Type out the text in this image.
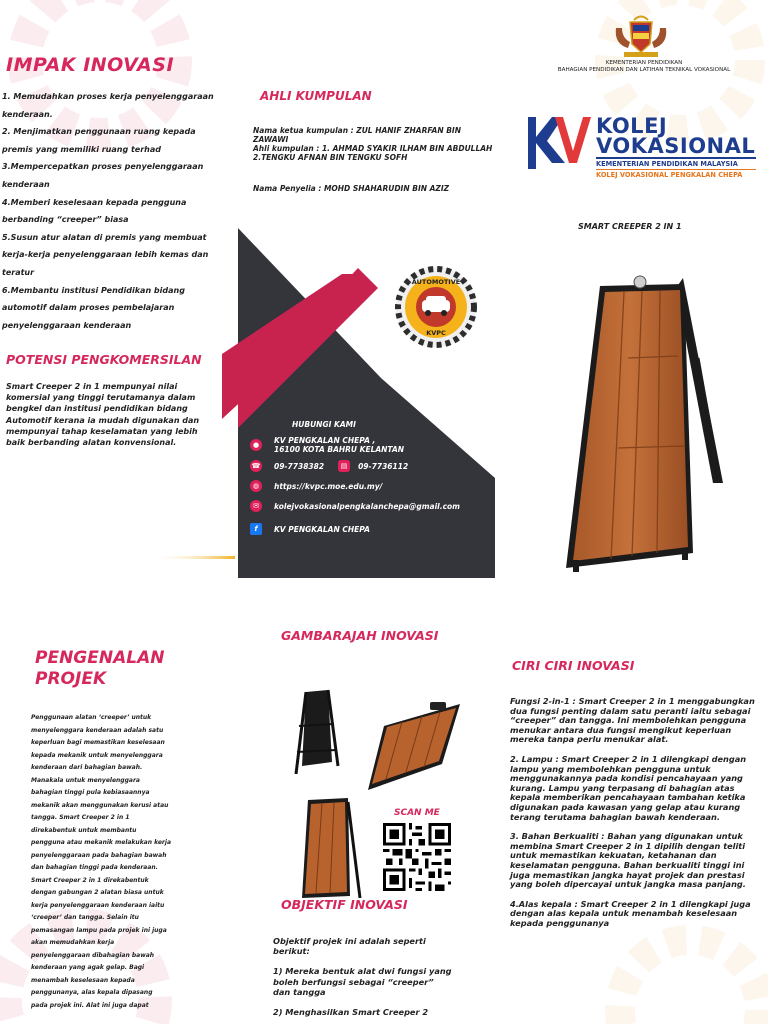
IMPAK INOVASI
1. Memudahkan proses kerja penyelenggaraan kenderaan.
2. Menjimatkan penggunaan ruang kepada premis yang memiliki ruang terhad
3.Mempercepatkan proses penyelenggaraan kenderaan
4.Memberi keselesaan kepada pengguna berbanding “creeper” biasa
5.Susun atur alatan di premis yang membuat kerja-kerja penyelenggaraan lebih kemas dan teratur
6.Membantu institusi Pendidikan bidang automotif dalam proses pembelajaran penyelenggaraan kenderaan
POTENSI PENGKOMERSILAN
Smart Creeper 2 in 1 mempunyai nilai komersial yang tinggi terutamanya dalam bengkel dan institusi pendidikan bidang Automotif kerana ia mudah digunakan dan mempunyai tahap keselamatan yang lebih baik berbanding alatan konvensional.
AHLI KUMPULAN

Nama ketua kumpulan : ZUL HANIF ZHARFAN BIN ZAWAWI

Ahli kumpulan : 1. AHMAD SYAKIR ILHAM BIN ABDULLAH

2.TENGKU AFNAN BIN TENGKU SOFH

Nama Penyelia : MOHD SHAHARUDIN BIN AZIZ
AUTOMOTIVE
KVPC
HUBUNGI KAMI
●	KV PENGKALAN CHEPA ,
16100 KOTA BAHRU KELANTAN
☎ 09-7738382	▤	09-7736112
◍	https://kvpc.moe.edu.my/
✉	kolejvokasionalpengkalanchepa@gmail.com
f	KV PENGKALAN CHEPA
KEMENTERIAN PENDIDIKAN
BAHAGIAN PENDIDIKAN DAN LATIHAN TEKNIKAL VOKASIONAL
KOLEJ
VOKASIONAL
KEMENTERIAN PENDIDIKAN MALAYSIA
KOLEJ VOKASIONAL PENGKALAN CHEPA
SMART CREEPER 2 IN 1
PENGENALAN PROJEK
Penggunaan alatan ‘creeper’ untuk menyelenggara kenderaan adalah satu keperluan bagi memastikan keselesaan kepada mekanik untuk menyelenggara kenderaan dari bahagian bawah. Manakala untuk menyelenggara bahagian tinggi pula kebiasaannya mekanik akan menggunakan kerusi atau tangga. Smart Creeper 2 in 1 direkabentuk untuk membantu pengguna atau mekanik melakukan kerja penyelenggaraan pada bahagian bawah dan bahagian tinggi pada kenderaan. Smart Creeper 2 in 1 direkabentuk dengan gabungan 2 alatan biasa untuk kerja penyelenggaraan kenderaan iaitu ‘creeper’ dan tangga. Selain itu pemasangan lampu pada projek ini juga akan memudahkan kerja penyelenggaraan dibahagian bawah kenderaan yang agak gelap. Bagi menambah keselesaan kepada penggunanya, alas kepala dipasang pada projek ini. Alat ini juga dapat
GAMBARAJAH INOVASI
SCAN ME
OBJEKTIF INOVASI

Objektif projek ini adalah seperti berikut:

1) Mereka bentuk alat dwi fungsi yang boleh berfungsi sebagai “creeper” dan tangga

2) Menghasilkan Smart Creeper 2

CIRI CIRI INOVASI

Fungsi 2-in-1 : Smart Creeper 2 in 1 menggabungkan dua fungsi penting dalam satu peranti iaitu sebagai “creeper” dan tangga. Ini membolehkan pengguna menukar antara dua fungsi mengikut keperluan mereka tanpa perlu menukar alat.

2. Lampu : Smart Creeper 2 in 1 dilengkapi dengan lampu yang membolehkan pengguna untuk menggunakannya pada kondisi pencahayaan yang kurang. Lampu yang terpasang di bahagian atas kepala memberikan pencahayaan tambahan ketika digunakan pada kawasan yang gelap atau kurang terang terutama bahagian bawah kenderaan.

3. Bahan Berkualiti : Bahan yang digunakan untuk membina Smart Creeper 2 in 1 dipilih dengan teliti untuk memastikan kekuatan, ketahanan dan keselamatan pengguna. Bahan berkualiti tinggi ini juga memastikan jangka hayat projek dan prestasi yang boleh dipercayai untuk jangka masa panjang.

4.Alas kepala : Smart Creeper 2 in 1 dilengkapi juga dengan alas kepala untuk menambah keselesaan kepada penggunanya
